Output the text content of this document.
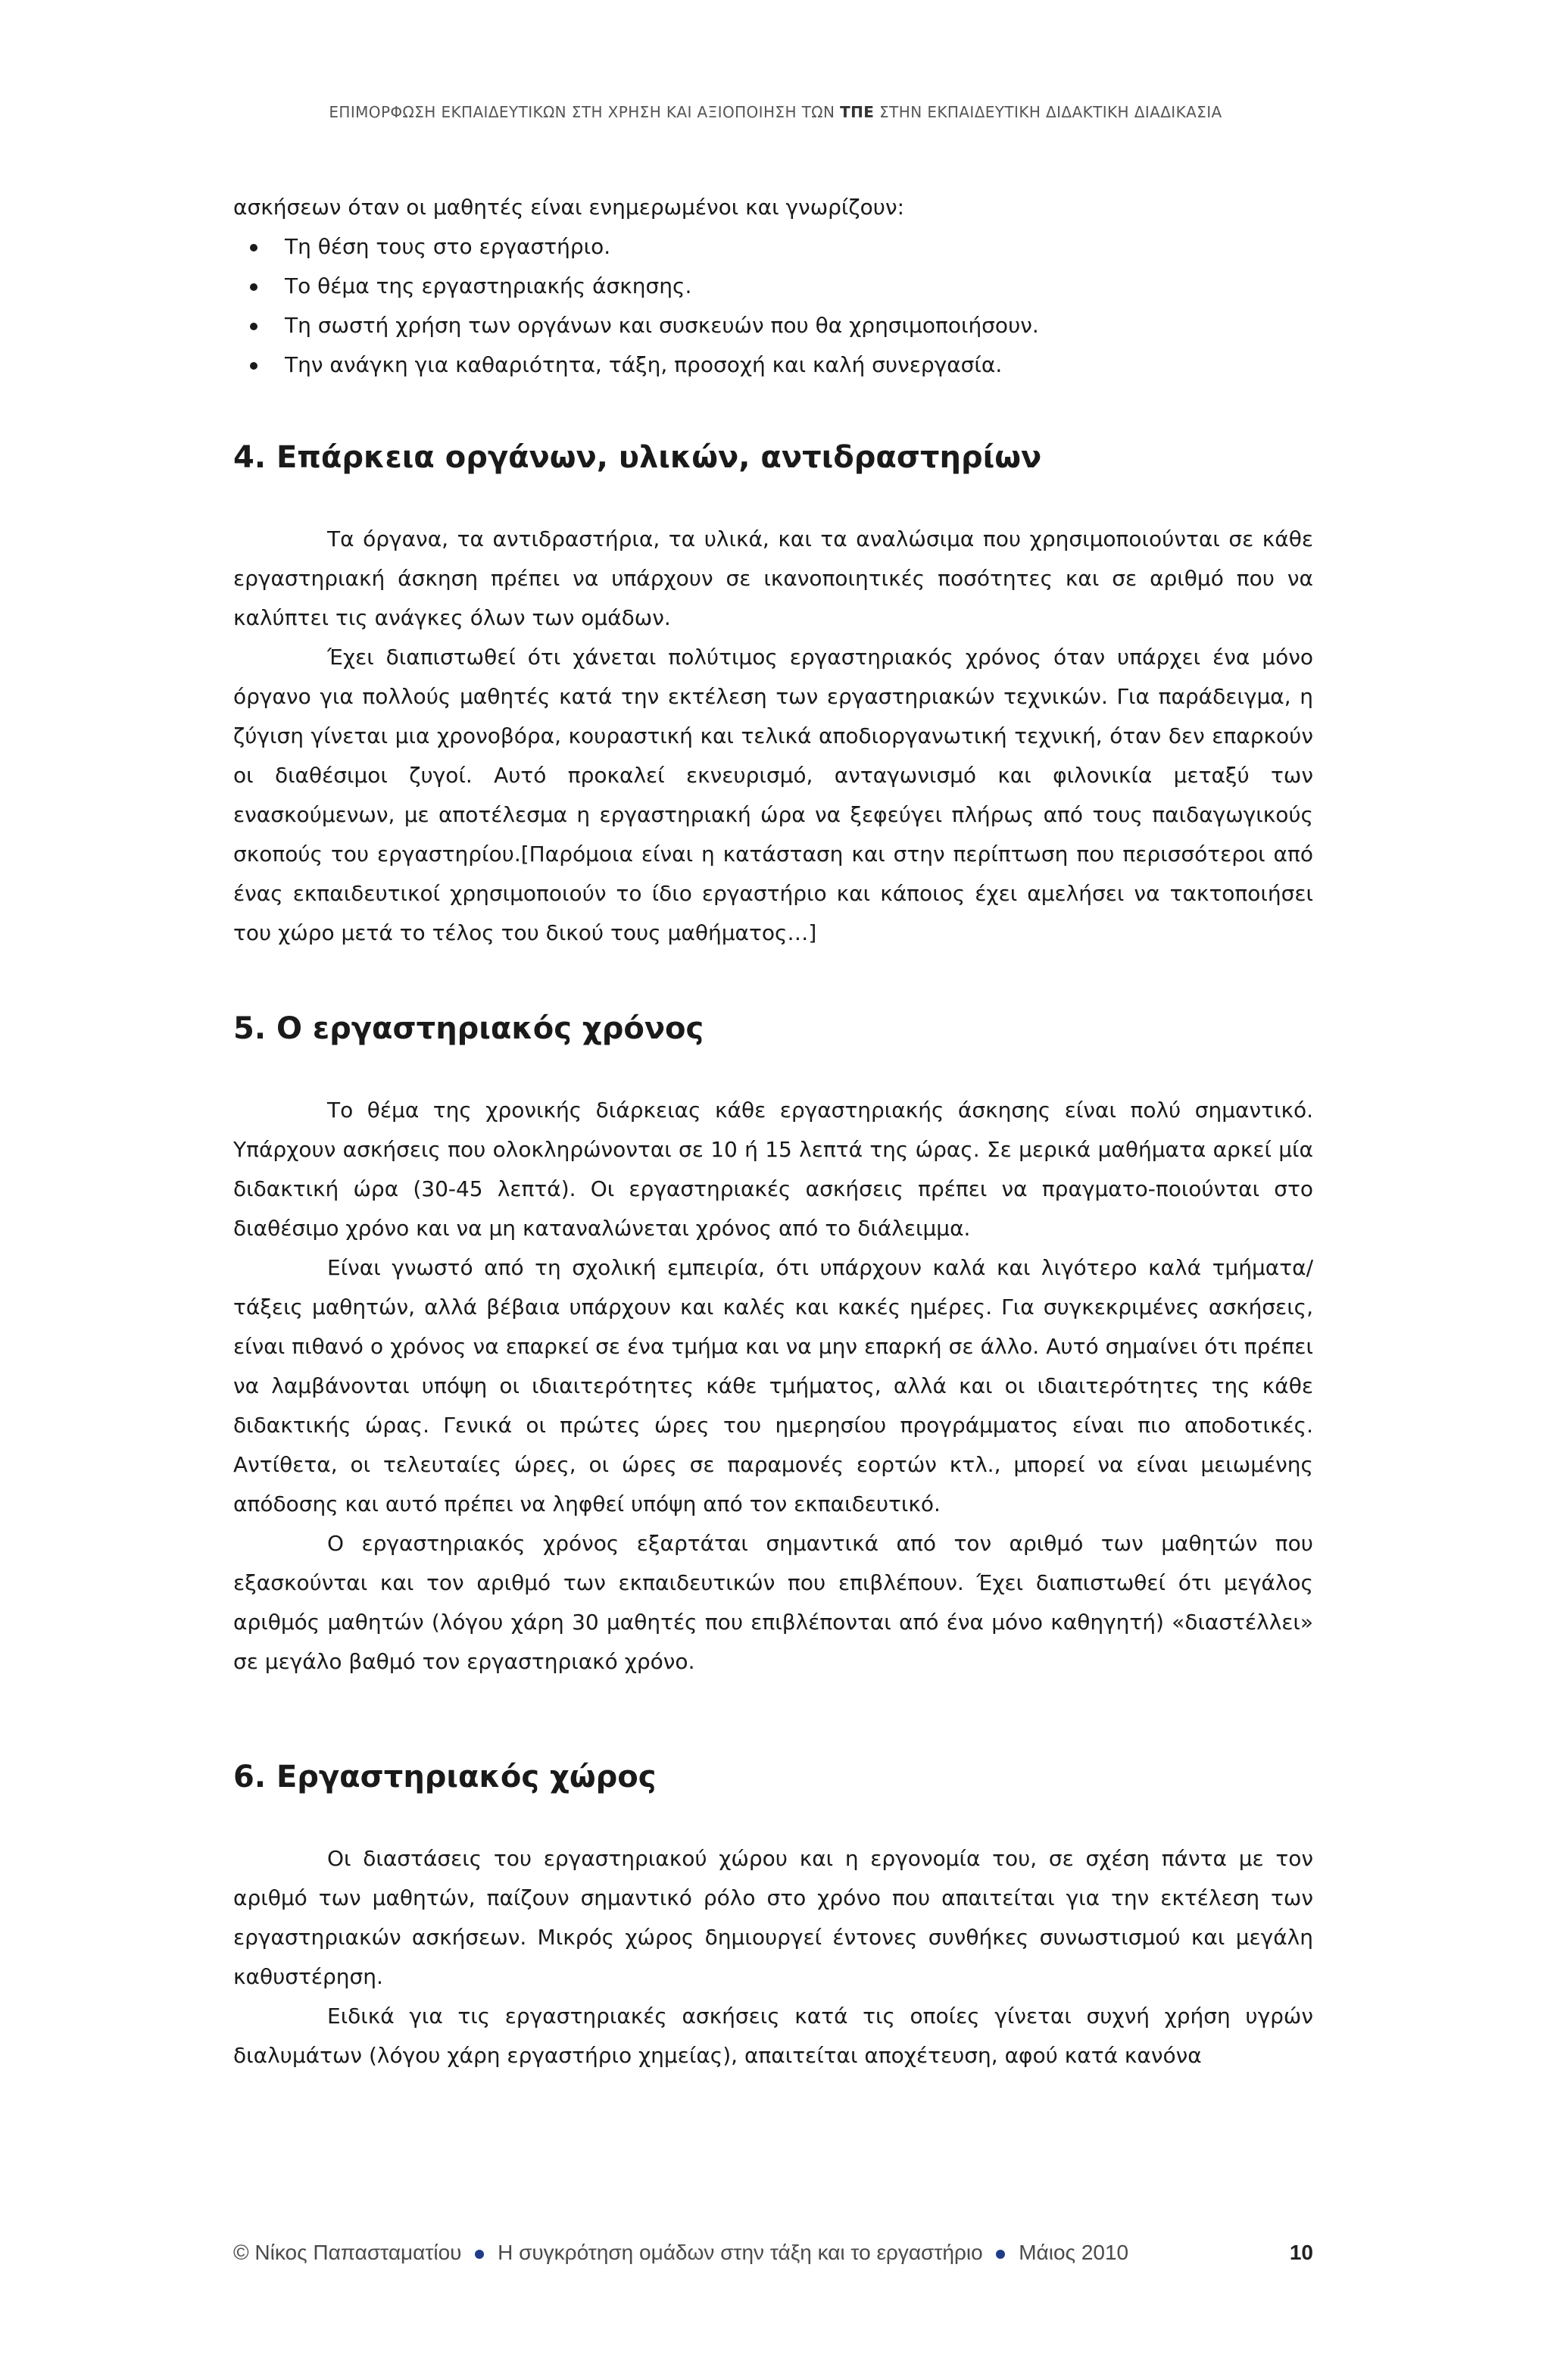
ΕΠΙΜΟΡΦΩΣΗ ΕΚΠΑΙΔΕΥΤΙΚΩΝ ΣΤΗ ΧΡΗΣΗ ΚΑΙ ΑΞΙΟΠΟΙΗΣΗ ΤΩΝ ΤΠΕ ΣΤΗΝ ΕΚΠΑΙΔΕΥΤΙΚΗ ΔΙΔΑΚΤΙΚΗ ΔΙΑΔΙΚΑΣΙΑ

ασκήσεων όταν οι μαθητές είναι ενημερωμένοι και γνωρίζουν:

Τη θέση τους στο εργαστήριο.
Το θέμα της εργαστηριακής άσκησης.
Τη σωστή χρήση των οργάνων και συσκευών που θα χρησιμοποιήσουν.
Την ανάγκη για καθαριότητα, τάξη, προσοχή και καλή συνεργασία.
4. Επάρκεια οργάνων, υλικών, αντιδραστηρίων

Τα όργανα, τα αντιδραστήρια, τα υλικά, και τα αναλώσιμα που χρησιμοποιούνται σε κάθε εργαστηριακή άσκηση πρέπει να υπάρχουν σε ικανοποιητικές ποσότητες και σε αριθμό που να καλύπτει τις ανάγκες όλων των ομάδων.

Έχει διαπιστωθεί ότι χάνεται πολύτιμος εργαστηριακός χρόνος όταν υπάρχει ένα μόνο όργανο για πολλούς μαθητές κατά την εκτέλεση των εργαστηριακών τεχνικών. Για παράδειγμα, η ζύγιση γίνεται μια χρονοβόρα, κουραστική και τελικά αποδιοργανωτική τεχνική, όταν δεν επαρκούν οι διαθέσιμοι ζυγοί. Αυτό προκαλεί εκνευρισμό, ανταγωνισμό και φιλονικία μεταξύ των ενασκούμενων, με αποτέλεσμα η εργαστηριακή ώρα να ξεφεύγει πλήρως από τους παιδαγωγικούς σκοπούς του εργαστηρίου.[Παρόμοια είναι η κατάσταση και στην περίπτωση που περισσότεροι από ένας εκπαιδευτικοί χρησιμοποιούν το ίδιο εργαστήριο και κάποιος έχει αμελήσει να τακτοποιήσει του χώρο μετά το τέλος του δικού τους μαθήματος…]

5. Ο εργαστηριακός χρόνος

Το θέμα της χρονικής διάρκειας κάθε εργαστηριακής άσκησης είναι πολύ σημαντικό. Υπάρχουν ασκήσεις που ολοκληρώνονται σε 10 ή 15 λεπτά της ώρας. Σε μερικά μαθήματα αρκεί μία διδακτική ώρα (30-45 λεπτά). Οι εργαστηριακές ασκήσεις πρέπει να πραγματο-ποιούνται στο διαθέσιμο χρόνο και να μη καταναλώνεται χρόνος από το διάλειμμα.

Είναι γνωστό από τη σχολική εμπειρία, ότι υπάρχουν καλά και λιγότερο καλά τμήματα/τάξεις μαθητών, αλλά βέβαια υπάρχουν και καλές και κακές ημέρες. Για συγκεκριμένες ασκήσεις, είναι πιθανό ο χρόνος να επαρκεί σε ένα τμήμα και να μην επαρκή σε άλλο. Αυτό σημαίνει ότι πρέπει να λαμβάνονται υπόψη οι ιδιαιτερότητες κάθε τμήματος, αλλά και οι ιδιαιτερότητες της κάθε διδακτικής ώρας. Γενικά οι πρώτες ώρες του ημερησίου προγράμματος είναι πιο αποδοτικές. Αντίθετα, οι τελευταίες ώρες, οι ώρες σε παραμονές εορτών κτλ., μπορεί να είναι μειωμένης απόδοσης και αυτό πρέπει να ληφθεί υπόψη από τον εκπαιδευτικό.

Ο εργαστηριακός χρόνος εξαρτάται σημαντικά από τον αριθμό των μαθητών που εξασκούνται και τον αριθμό των εκπαιδευτικών που επιβλέπουν. Έχει διαπιστωθεί ότι μεγάλος αριθμός μαθητών (λόγου χάρη 30 μαθητές που επιβλέπονται από ένα μόνο καθηγητή) «διαστέλλει» σε μεγάλο βαθμό τον εργαστηριακό χρόνο.

6. Εργαστηριακός χώρος

Οι διαστάσεις του εργαστηριακού χώρου και η εργονομία του, σε σχέση πάντα με τον αριθμό των μαθητών, παίζουν σημαντικό ρόλο στο χρόνο που απαιτείται για την εκτέλεση των εργαστηριακών ασκήσεων. Μικρός χώρος δημιουργεί έντονες συνθήκες συνωστισμού και μεγάλη καθυστέρηση.

Ειδικά για τις εργαστηριακές ασκήσεις κατά τις οποίες γίνεται συχνή χρήση υγρών διαλυμάτων (λόγου χάρη εργαστήριο χημείας), απαιτείται αποχέτευση, αφού κατά κανόνα

© Νίκος Παπασταματίου Η συγκρότηση ομάδων στην τάξη και το εργαστήριο Μάιος 2010	10
